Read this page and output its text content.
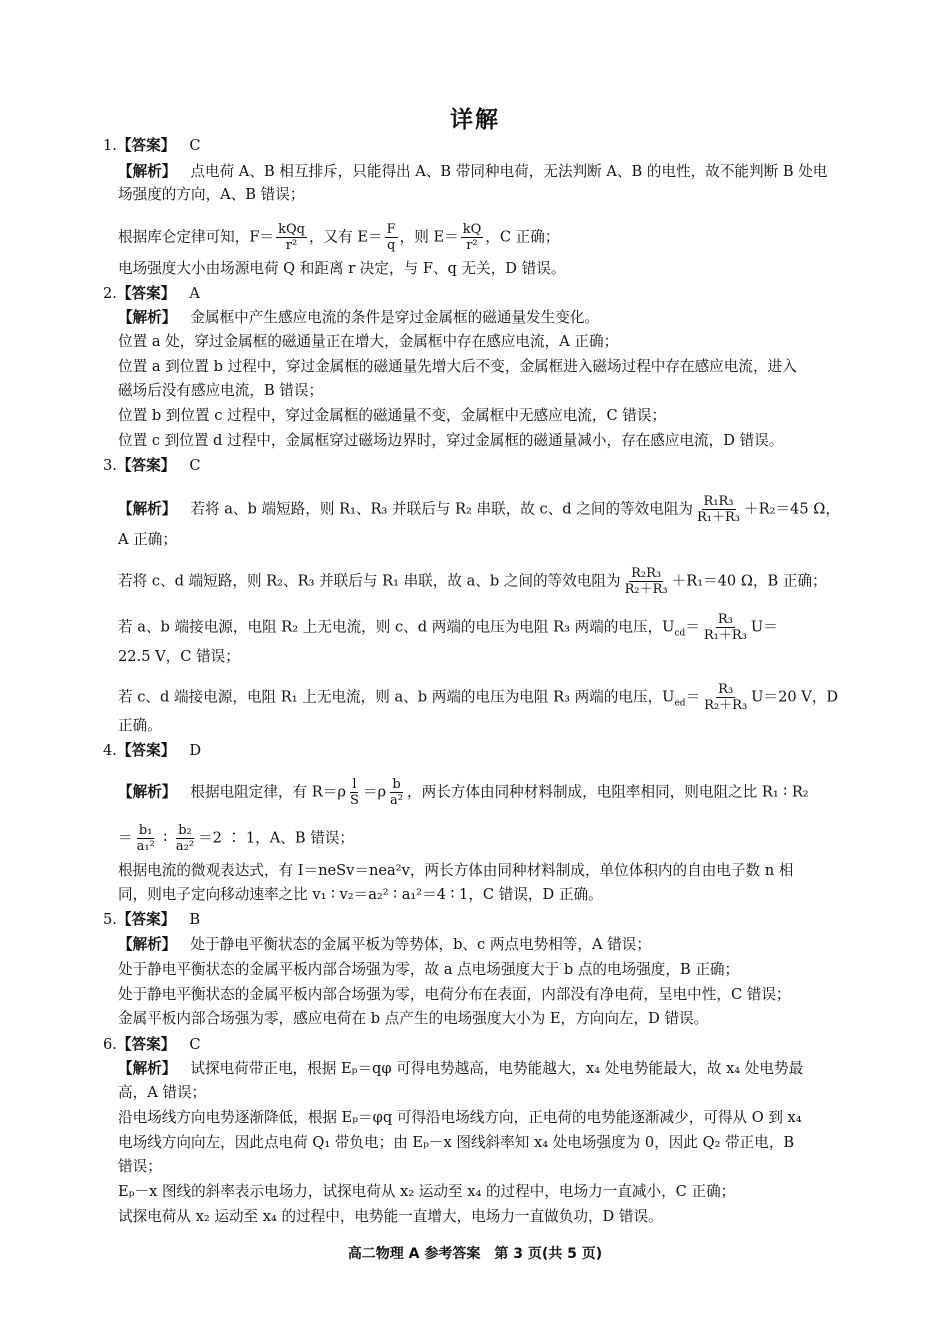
详解
1.【答案】 C
【解析】 点电荷 A、B 相互排斥，只能得出 A、B 带同种电荷，无法判断 A、B 的电性，故不能判断 B 处电
场强度的方向，A、B 错误；
根据库仑定律可知，$F= \frac{\text{kQq}}{\text{r²}}$ ，又有 $E= \frac{F}{q}$ ，则 $E= \frac{kQ}{\text{r²}}$ ，C 正确；
电场强度大小由场源电荷 Q 和距离 r 决定，与 F、q 无关，D 错误。
2.【答案】 A
【解析】 金属框中产生感应电流的条件是穿过金属框的磁通量发生变化。
位置 a 处，穿过金属框的磁通量正在增大，金属框中存在感应电流，A 正确；
位置 a 到位置 b 过程中，穿过金属框的磁通量先增大后不变，金属框进入磁场过程中存在感应电流，进入
磁场后没有感应电流，B 错误；
位置 b 到位置 c 过程中，穿过金属框的磁通量不变，金属框中无感应电流，C 错误；
位置 c 到位置 d 过程中，金属框穿过磁场边界时，穿过金属框的磁通量减小，存在感应电流，D 错误。
3.【答案】 C
【解析】 若将 a、b 端短路，则 R₁、R₃ 并联后与 R₂ 串联，故 c、d 之间的等效电阻为 $\frac{\text{R₁R₃}}{\text{R₁＋R₃}} +R_2=45$ Ω，
A 正确；
若将 c、d 端短路，则 R₂、R₃ 并联后与 R₁ 串联，故 a、b 之间的等效电阻为 $\frac{\text{R₂R₃}}{\text{R₂＋R₃}} +R_1=40$ Ω，B 正确；
若 a、b 端接电源，电阻 R₂ 上无电流，则 c、d 两端的电压为电阻 R₃ 两端的电压，$U_{cd}= \frac{\text{R₃}}{\text{R₁＋R₃}} U=$
22.5 V，C 错误；
若 c、d 端接电源，电阻 R₁ 上无电流，则 a、b 两端的电压为电阻 R₃ 两端的电压，$U_{ed}= \frac{\text{R₃}}{\text{R₂＋R₃}} U=20$ V，D
正确。
4.【答案】 D
【解析】 根据电阻定律，有 $R=\rho \frac{l}{S} =\rho \frac{b}{\text{a²}}$ ，两长方体由同种材料制成，电阻率相同，则电阻之比 R₁ ∶ R₂
＝ $\frac{\text{b₁}}{\text{a₁²}}$ ∶ $\frac{\text{b₂}}{\text{a₂²}} =2$ ∶ 1，A、B 错误；
根据电流的微观表达式，有 I＝neSv＝nea²v，两长方体由同种材料制成，单位体积内的自由电子数 n 相
同，则电子定向移动速率之比 v₁ ∶ v₂＝a₂² ∶ a₁²＝4 ∶ 1，C 错误，D 正确。
5.【答案】 B
【解析】 处于静电平衡状态的金属平板为等势体，b、c 两点电势相等，A 错误；
处于静电平衡状态的金属平板内部合场强为零，故 a 点电场强度大于 b 点的电场强度，B 正确；
处于静电平衡状态的金属平板内部合场强为零，电荷分布在表面，内部没有净电荷，呈电中性，C 错误；
金属平板内部合场强为零，感应电荷在 b 点产生的电场强度大小为 E，方向向左，D 错误。
6.【答案】 C
【解析】 试探电荷带正电，根据 Eₚ＝qφ 可得电势越高，电势能越大，x₄ 处电势能最大，故 x₄ 处电势最
高，A 错误；
沿电场线方向电势逐渐降低，根据 Eₚ＝φq 可得沿电场线方向，正电荷的电势能逐渐减少，可得从 O 到 x₄
电场线方向向左，因此点电荷 Q₁ 带负电；由 Eₚ－x 图线斜率知 x₄ 处电场强度为 0，因此 Q₂ 带正电，B
错误；
Eₚ－x 图线的斜率表示电场力，试探电荷从 x₂ 运动至 x₄ 的过程中，电场力一直减小，C 正确；
试探电荷从 x₂ 运动至 x₄ 的过程中，电势能一直增大，电场力一直做负功，D 错误。
高二物理 A 参考答案　第 3 页(共 5 页)
